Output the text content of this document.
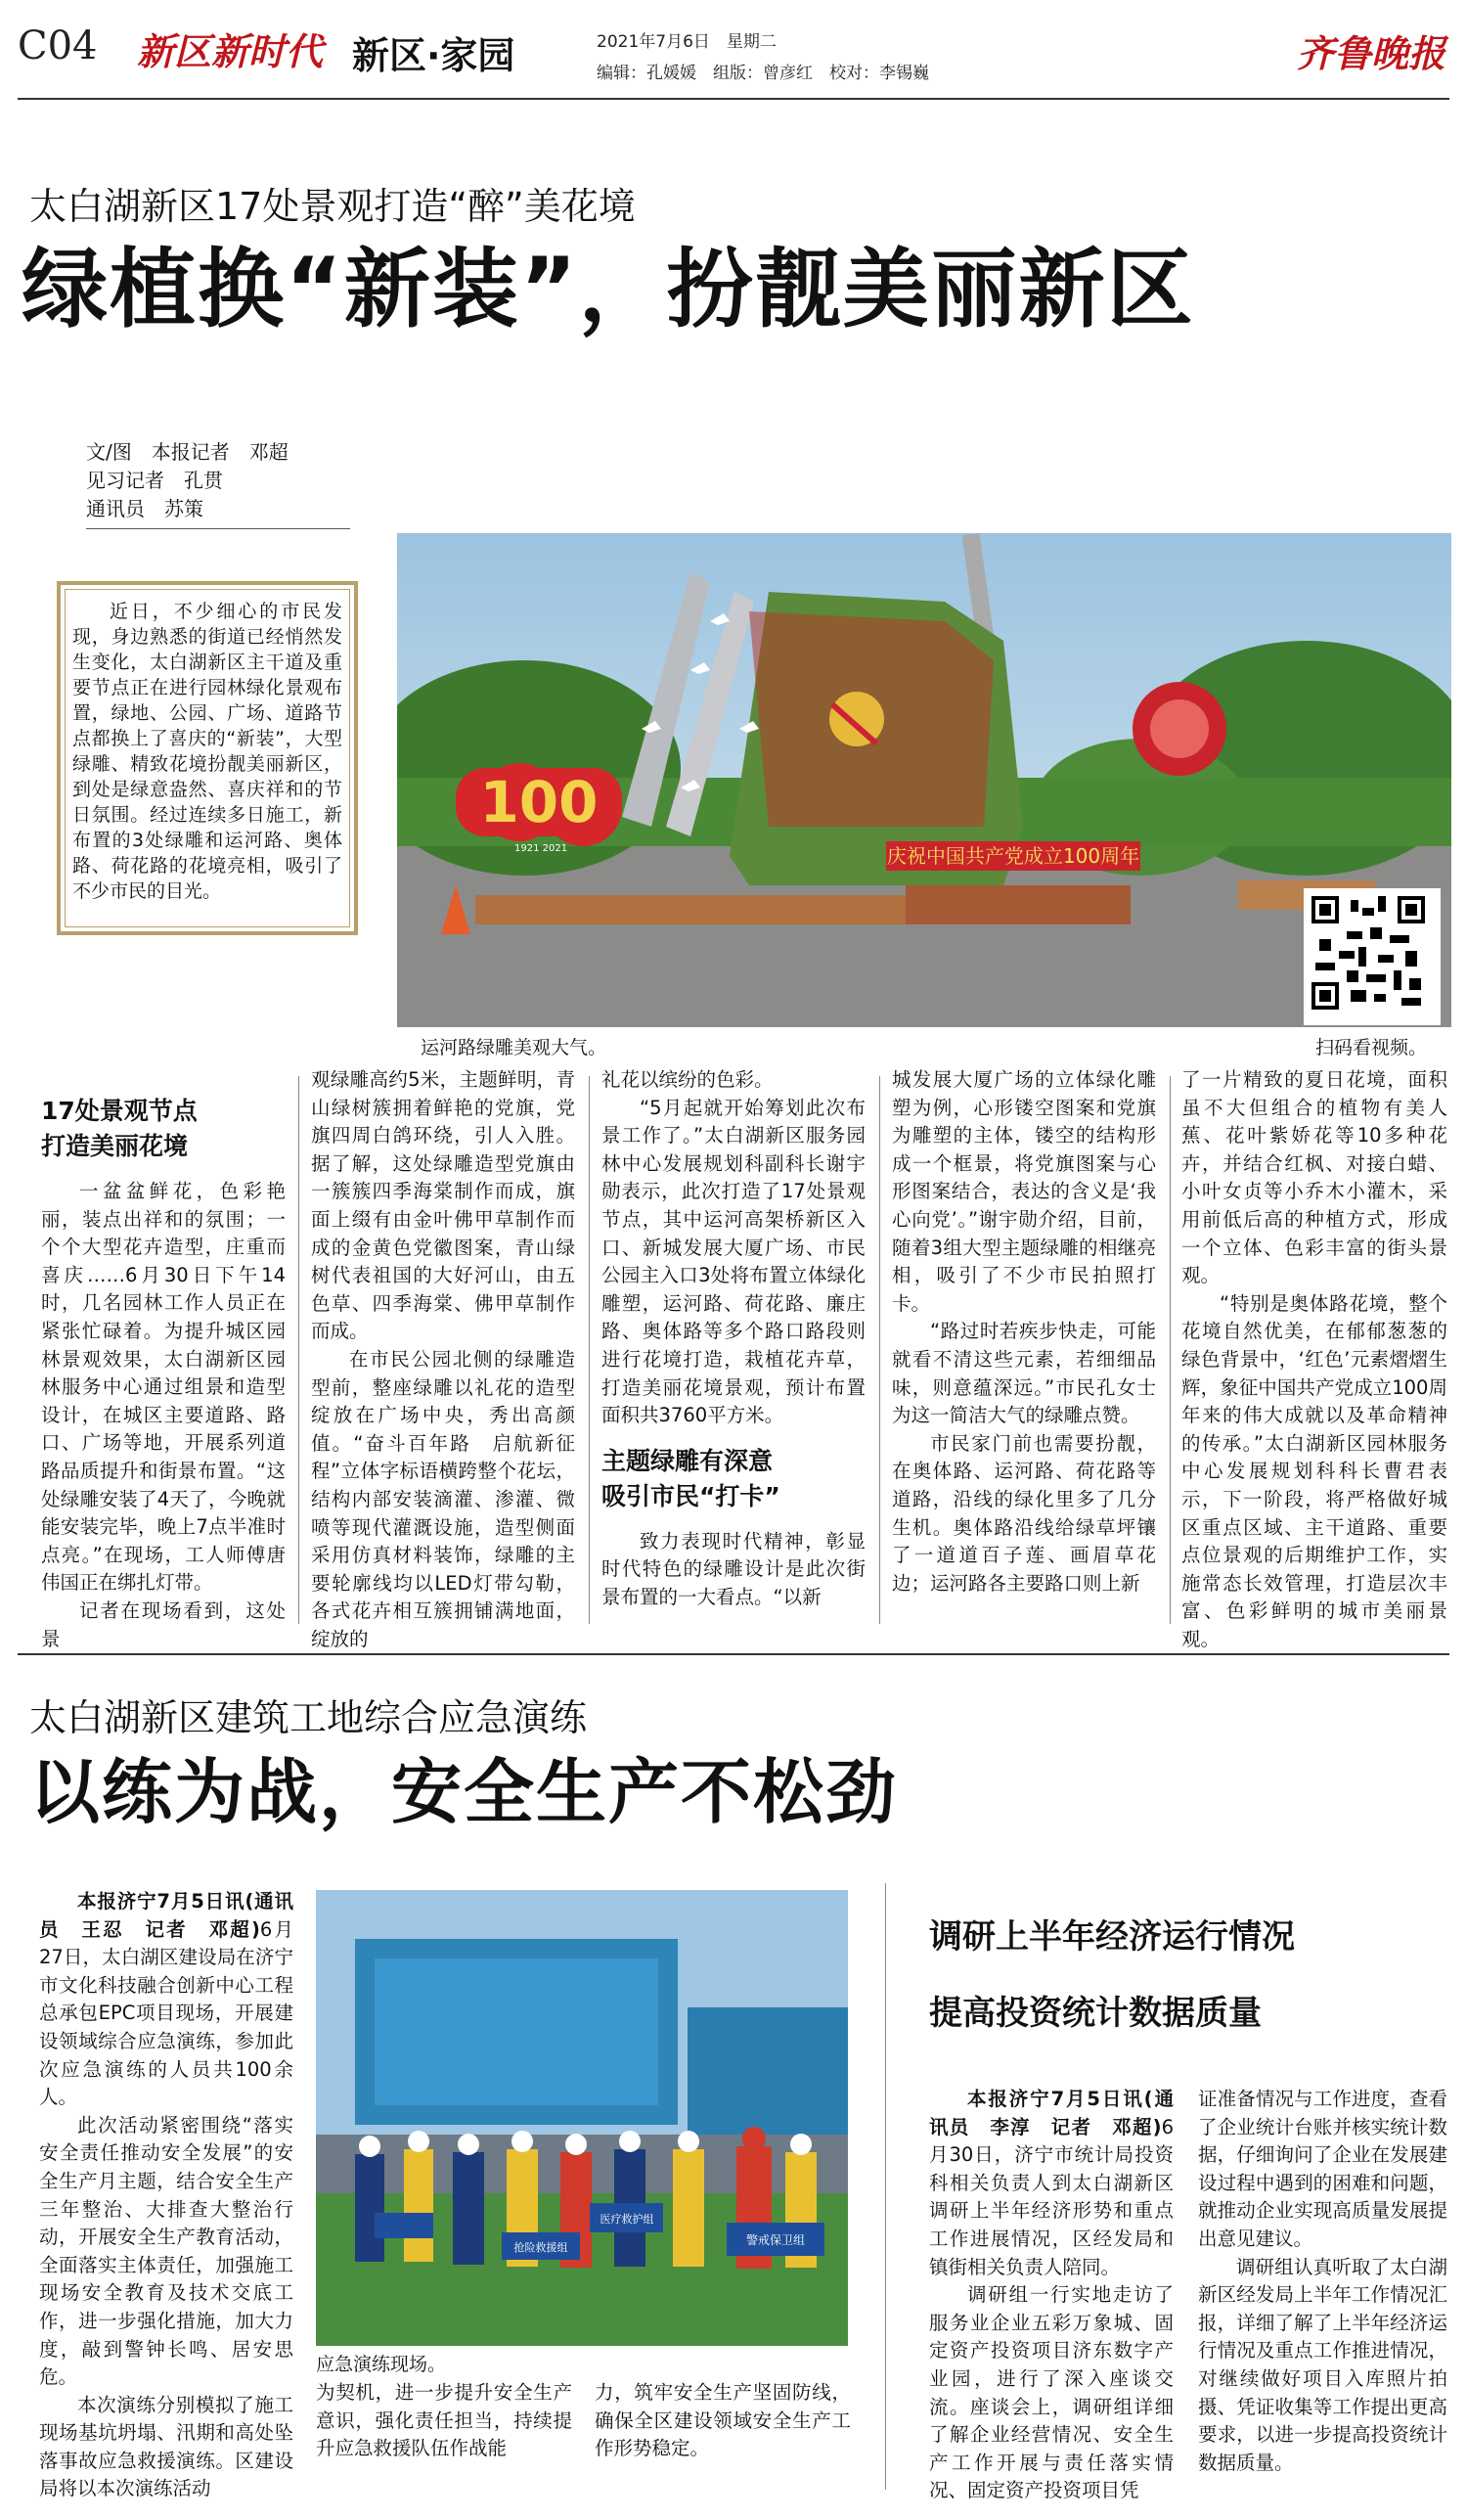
C04 新区新时代 新区·家园	2021年7月6日　星期二
编辑：孔媛媛　组版：曾彦红　校对：李锡巍	齐鲁晚报
太白湖新区17处景观打造“醉”美花境
绿植换“新装”，扮靓美丽新区
文/图　本报记者　邓超
见习记者　孔贯
通讯员　苏策
近日，不少细心的市民发现，身边熟悉的街道已经悄然发生变化，太白湖新区主干道及重要节点正在进行园林绿化景观布置，绿地、公园、广场、道路节点都换上了喜庆的“新装”，大型绿雕、精致花境扮靓美丽新区，到处是绿意盎然、喜庆祥和的节日氛围。经过连续多日施工，新布置的3处绿雕和运河路、奥体路、荷花路的花境亮相，吸引了不少市民的目光。
100
1921 2021	庆祝中国共产党成立100周年
运河路绿雕美观大气。	扫码看视频。
17处景观节点
打造美丽花境

一盆盆鲜花，色彩艳丽，装点出祥和的氛围；一个个大型花卉造型，庄重而喜庆……6月30日下午14时，几名园林工作人员正在紧张忙碌着。为提升城区园林景观效果，太白湖新区园林服务中心通过组景和造型设计，在城区主要道路、路口、广场等地，开展系列道路品质提升和街景布置。“这处绿雕安装了4天了，今晚就能安装完毕，晚上7点半准时点亮。”在现场，工人师傅唐伟国正在绑扎灯带。

记者在现场看到，这处景

观绿雕高约5米，主题鲜明，青山绿树簇拥着鲜艳的党旗，党旗四周白鸽环绕，引人入胜。据了解，这处绿雕造型党旗由一簇簇四季海棠制作而成，旗面上缀有由金叶佛甲草制作而成的金黄色党徽图案，青山绿树代表祖国的大好河山，由五色草、四季海棠、佛甲草制作而成。

在市民公园北侧的绿雕造型前，整座绿雕以礼花的造型绽放在广场中央，秀出高颜值。“奋斗百年路　启航新征程”立体字标语横跨整个花坛，结构内部安装滴灌、渗灌、微喷等现代灌溉设施，造型侧面采用仿真材料装饰，绿雕的主要轮廓线均以LED灯带勾勒，各式花卉相互簇拥铺满地面，绽放的

礼花以缤纷的色彩。

“5月起就开始筹划此次布景工作了。”太白湖新区服务园林中心发展规划科副科长谢宇勋表示，此次打造了17处景观节点，其中运河高架桥新区入口、新城发展大厦广场、市民公园主入口3处将布置立体绿化雕塑，运河路、荷花路、廉庄路、奥体路等多个路口路段则进行花境打造，栽植花卉草，打造美丽花境景观，预计布置面积共3760平方米。

主题绿雕有深意
吸引市民“打卡”

致力表现时代精神，彰显时代特色的绿雕设计是此次街景布置的一大看点。“以新

城发展大厦广场的立体绿化雕塑为例，心形镂空图案和党旗为雕塑的主体，镂空的结构形成一个框景，将党旗图案与心形图案结合，表达的含义是‘我心向党’。”谢宇勋介绍，目前，随着3组大型主题绿雕的相继亮相，吸引了不少市民拍照打卡。

“路过时若疾步快走，可能就看不清这些元素，若细细品味，则意蕴深远。”市民孔女士为这一简洁大气的绿雕点赞。

市民家门前也需要扮靓，在奥体路、运河路、荷花路等道路，沿线的绿化里多了几分生机。奥体路沿线给绿草坪镶了一道道百子莲、画眉草花边；运河路各主要路口则上新

了一片精致的夏日花境，面积虽不大但组合的植物有美人蕉、花叶紫娇花等10多种花卉，并结合红枫、对接白蜡、小叶女贞等小乔木小灌木，采用前低后高的种植方式，形成一个立体、色彩丰富的街头景观。

“特别是奥体路花境，整个花境自然优美，在郁郁葱葱的绿色背景中，‘红色’元素熠熠生辉，象征中国共产党成立100周年来的伟大成就以及革命精神的传承。”太白湖新区园林服务中心发展规划科科长曹君表示，下一阶段，将严格做好城区重点区域、主干道路、重要点位景观的后期维护工作，实施常态长效管理，打造层次丰富、色彩鲜明的城市美丽景观。

太白湖新区建筑工地综合应急演练
以练为战，安全生产不松劲

本报济宁7月5日讯(通讯员　王忍　记者　邓超)6月27日，太白湖区建设局在济宁市文化科技融合创新中心工程总承包EPC项目现场，开展建设领域综合应急演练，参加此次应急演练的人员共100余人。

此次活动紧密围绕“落实安全责任推动安全发展”的安全生产月主题，结合安全生产三年整治、大排查大整治行动，开展安全生产教育活动，全面落实主体责任，加强施工现场安全教育及技术交底工作，进一步强化措施，加大力度，敲到警钟长鸣、居安思危。

本次演练分别模拟了施工现场基坑坍塌、汛期和高处坠落事故应急救援演练。区建设局将以本次演练活动

抢险救援组
医疗救护组
警戒保卫组
应急演练现场。

为契机，进一步提升安全生产意识，强化责任担当，持续提升应急救援队伍作战能

力，筑牢安全生产坚固防线，确保全区建设领域安全生产工作形势稳定。

调研上半年经济运行情况
提高投资统计数据质量

本报济宁7月5日讯(通讯员　李淳　记者　邓超)6月30日，济宁市统计局投资科相关负责人到太白湖新区调研上半年经济形势和重点工作进展情况，区经发局和镇街相关负责人陪同。

调研组一行实地走访了服务业企业五彩万象城、固定资产投资项目济东数字产业园，进行了深入座谈交流。座谈会上，调研组详细了解企业经营情况、安全生产工作开展与责任落实情况、固定资产投资项目凭

证准备情况与工作进度，查看了企业统计台账并核实统计数据，仔细询问了企业在发展建设过程中遇到的困难和问题，就推动企业实现高质量发展提出意见建议。

调研组认真听取了太白湖新区经发局上半年工作情况汇报，详细了解了上半年经济运行情况及重点工作推进情况，对继续做好项目入库照片拍摄、凭证收集等工作提出更高要求，以进一步提高投资统计数据质量。
